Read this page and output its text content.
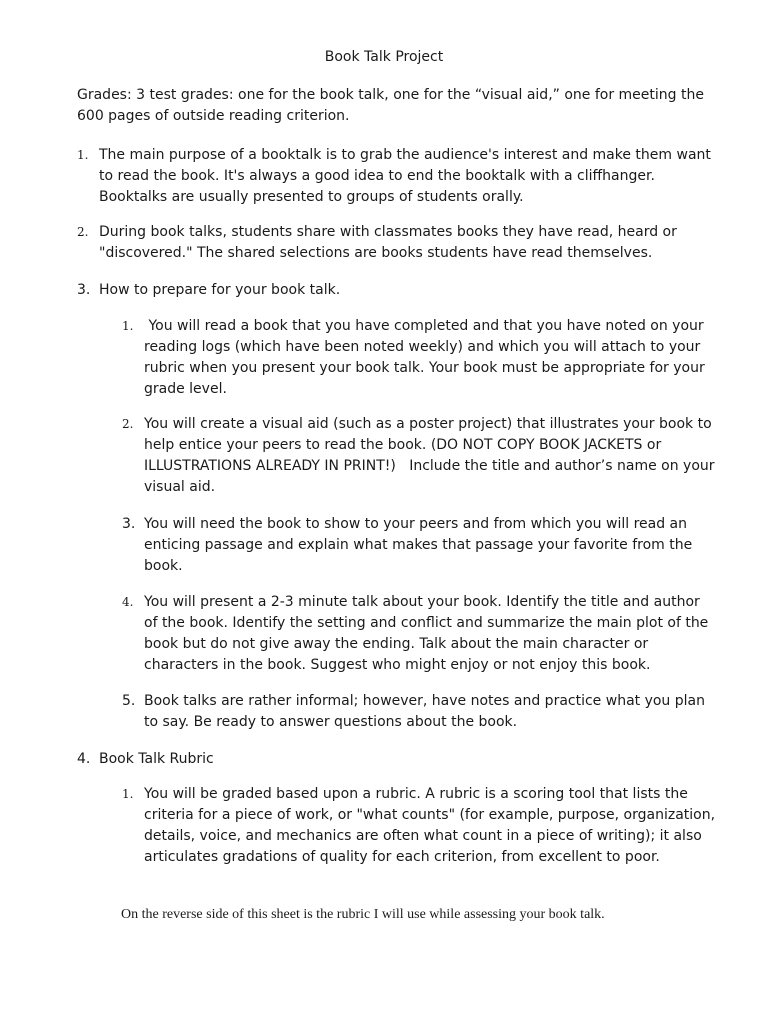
Book Talk Project
Grades: 3 test grades: one for the book talk, one for the “visual aid,” one for meeting the 600 pages of outside reading criterion.
1. The main purpose of a booktalk is to grab the audience's interest and make them want to read the book. It's always a good idea to end the booktalk with a cliffhanger. Booktalks are usually presented to groups of students orally.
2. During book talks, students share with classmates books they have read, heard or "discovered." The shared selections are books students have read themselves.
3. How to prepare for your book talk.
1. You will read a book that you have completed and that you have noted on your reading logs (which have been noted weekly) and which you will attach to your rubric when you present your book talk. Your book must be appropriate for your grade level.
2. You will create a visual aid (such as a poster project) that illustrates your book to help entice your peers to read the book. (DO NOT COPY BOOK JACKETS or ILLUSTRATIONS ALREADY IN PRINT!)   Include the title and author’s name on your visual aid.
3. You will need the book to show to your peers and from which you will read an enticing passage and explain what makes that passage your favorite from the book.
4. You will present a 2-3 minute talk about your book. Identify the title and author of the book. Identify the setting and conflict and summarize the main plot of the book but do not give away the ending. Talk about the main character or characters in the book. Suggest who might enjoy or not enjoy this book.
5. Book talks are rather informal; however, have notes and practice what you plan to say. Be ready to answer questions about the book.
4. Book Talk Rubric
1. You will be graded based upon a rubric. A rubric is a scoring tool that lists the criteria for a piece of work, or "what counts" (for example, purpose, organization, details, voice, and mechanics are often what count in a piece of writing); it also articulates gradations of quality for each criterion, from excellent to poor.
On the reverse side of this sheet is the rubric I will use while assessing your book talk.
